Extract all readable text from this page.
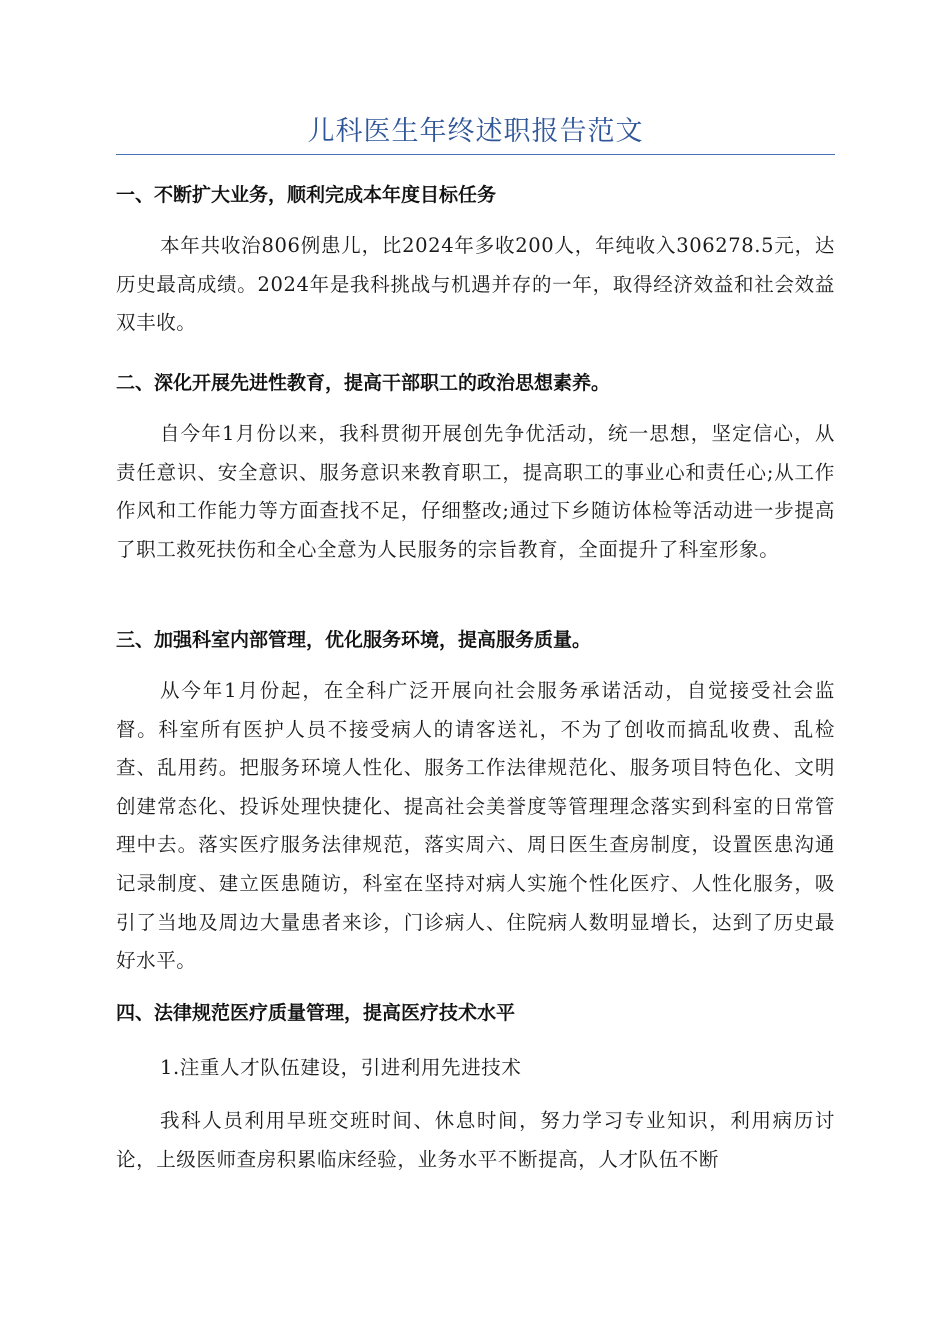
儿科医生年终述职报告范文
一、不断扩大业务，顺利完成本年度目标任务
本年共收治806例患儿，比2024年多收200人，年纯收入306278.5元，达历史最高成绩。2024年是我科挑战与机遇并存的一年，取得经济效益和社会效益双丰收。
二、深化开展先进性教育，提高干部职工的政治思想素养。
自今年1月份以来，我科贯彻开展创先争优活动，统一思想，坚定信心，从责任意识、安全意识、服务意识来教育职工，提高职工的事业心和责任心;从工作作风和工作能力等方面查找不足，仔细整改;通过下乡随访体检等活动进一步提高了职工救死扶伤和全心全意为人民服务的宗旨教育，全面提升了科室形象。
三、加强科室内部管理，优化服务环境，提高服务质量。
从今年1月份起，在全科广泛开展向社会服务承诺活动，自觉接受社会监督。科室所有医护人员不接受病人的请客送礼，不为了创收而搞乱收费、乱检查、乱用药。把服务环境人性化、服务工作法律规范化、服务项目特色化、文明创建常态化、投诉处理快捷化、提高社会美誉度等管理理念落实到科室的日常管理中去。落实医疗服务法律规范，落实周六、周日医生查房制度，设置医患沟通记录制度、建立医患随访，科室在坚持对病人实施个性化医疗、人性化服务，吸引了当地及周边大量患者来诊，门诊病人、住院病人数明显增长，达到了历史最好水平。
四、法律规范医疗质量管理，提高医疗技术水平
1.注重人才队伍建设，引进利用先进技术
我科人员利用早班交班时间、休息时间，努力学习专业知识，利用病历讨论，上级医师查房积累临床经验，业务水平不断提高，人才队伍不断
